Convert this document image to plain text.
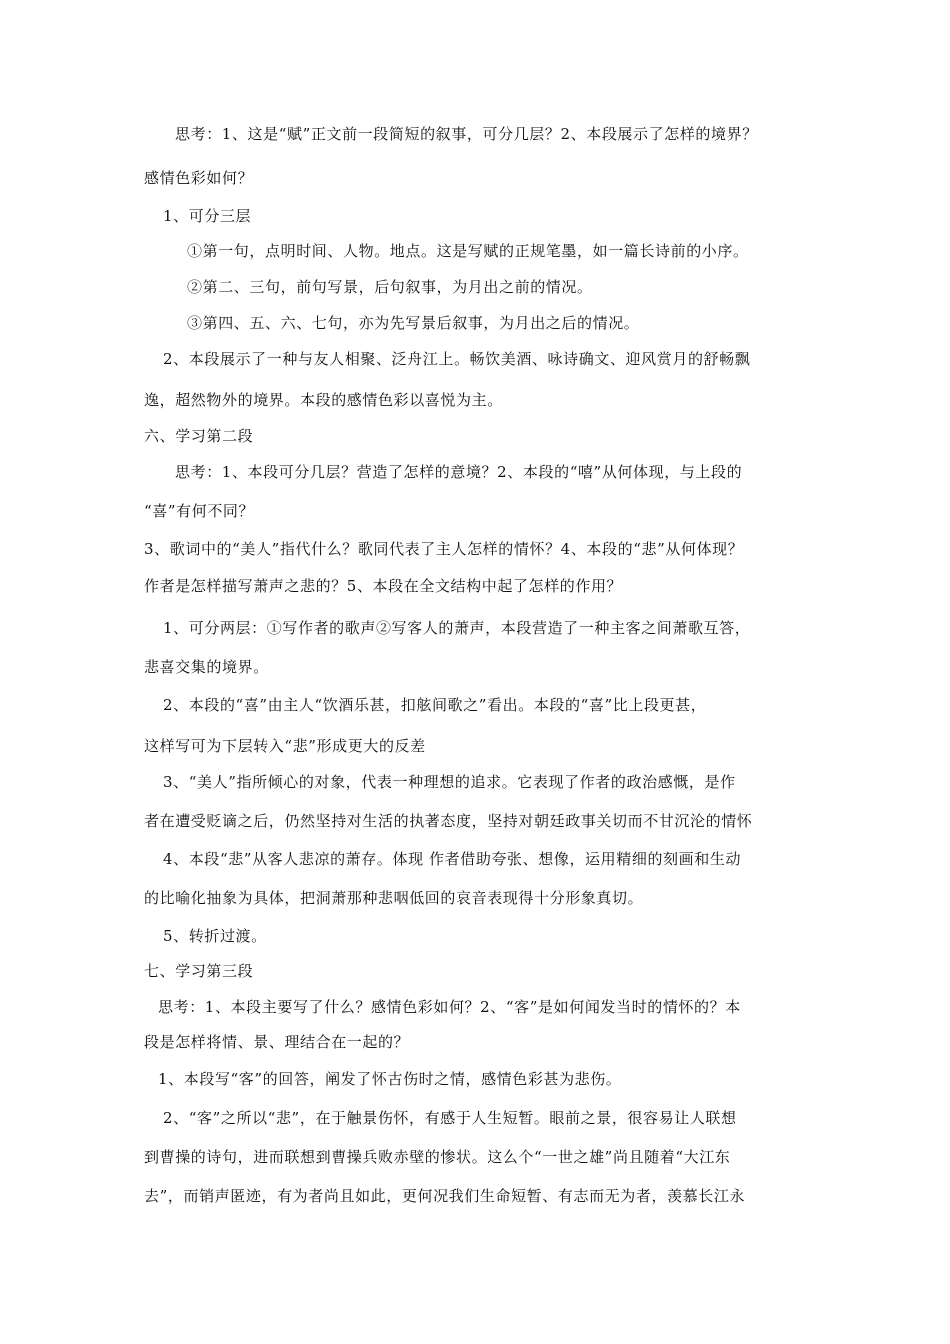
思考：1、这是“赋”正文前一段简短的叙事，可分几层？2、本段展示了怎样的境界？
感情色彩如何？
1、可分三层
①第一句，点明时间、人物。地点。这是写赋的正规笔墨，如一篇长诗前的小序。
②第二、三句，前句写景，后句叙事，为月出之前的情况。
③第四、五、六、七句，亦为先写景后叙事，为月出之后的情况。
2、本段展示了一种与友人相聚、泛舟江上。畅饮美酒、咏诗确文、迎风赏月的舒畅飘
逸，超然物外的境界。本段的感情色彩以喜悦为主。
六、学习第二段
思考：1、本段可分几层？营造了怎样的意境？2、本段的“嘻”从何体现，与上段的
“喜”有何不同？
3、歌词中的“美人”指代什么？歌同代表了主人怎样的情怀？4、本段的“悲”从何体现？
作者是怎样描写萧声之悲的？5、本段在全文结构中起了怎样的作用？
1、可分两层：①写作者的歌声②写客人的萧声，本段营造了一种主客之间萧歌互答，
悲喜交集的境界。
2、本段的“喜”由主人“饮酒乐甚，扣舷间歌之”看出。本段的“喜”比上段更甚，
这样写可为下层转入“悲”形成更大的反差
3、“美人”指所倾心的对象，代表一种理想的追求。它表现了作者的政治感慨，是作
者在遭受贬谪之后，仍然坚持对生活的执著态度，坚持对朝廷政事关切而不甘沉沦的情怀
4、本段“悲”从客人悲凉的萧存。体现 作者借助夸张、想像，运用精细的刻画和生动
的比喻化抽象为具体，把洞萧那种悲咽低回的哀音表现得十分形象真切。
5、转折过渡。
七、学习第三段
思考：1、本段主要写了什么？感情色彩如何？2、“客”是如何闻发当时的情怀的？本
段是怎样将情、景、理结合在一起的？
1、本段写“客”的回答，阐发了怀古伤时之情，感情色彩甚为悲伤。
2、“客”之所以“悲”，在于触景伤怀，有感于人生短暂。眼前之景，很容易让人联想
到曹操的诗句，进而联想到曹操兵败赤壁的惨状。这么个“一世之雄”尚且随着“大江东
去”，而销声匿迹，有为者尚且如此，更何况我们生命短暂、有志而无为者，羡慕长江永
